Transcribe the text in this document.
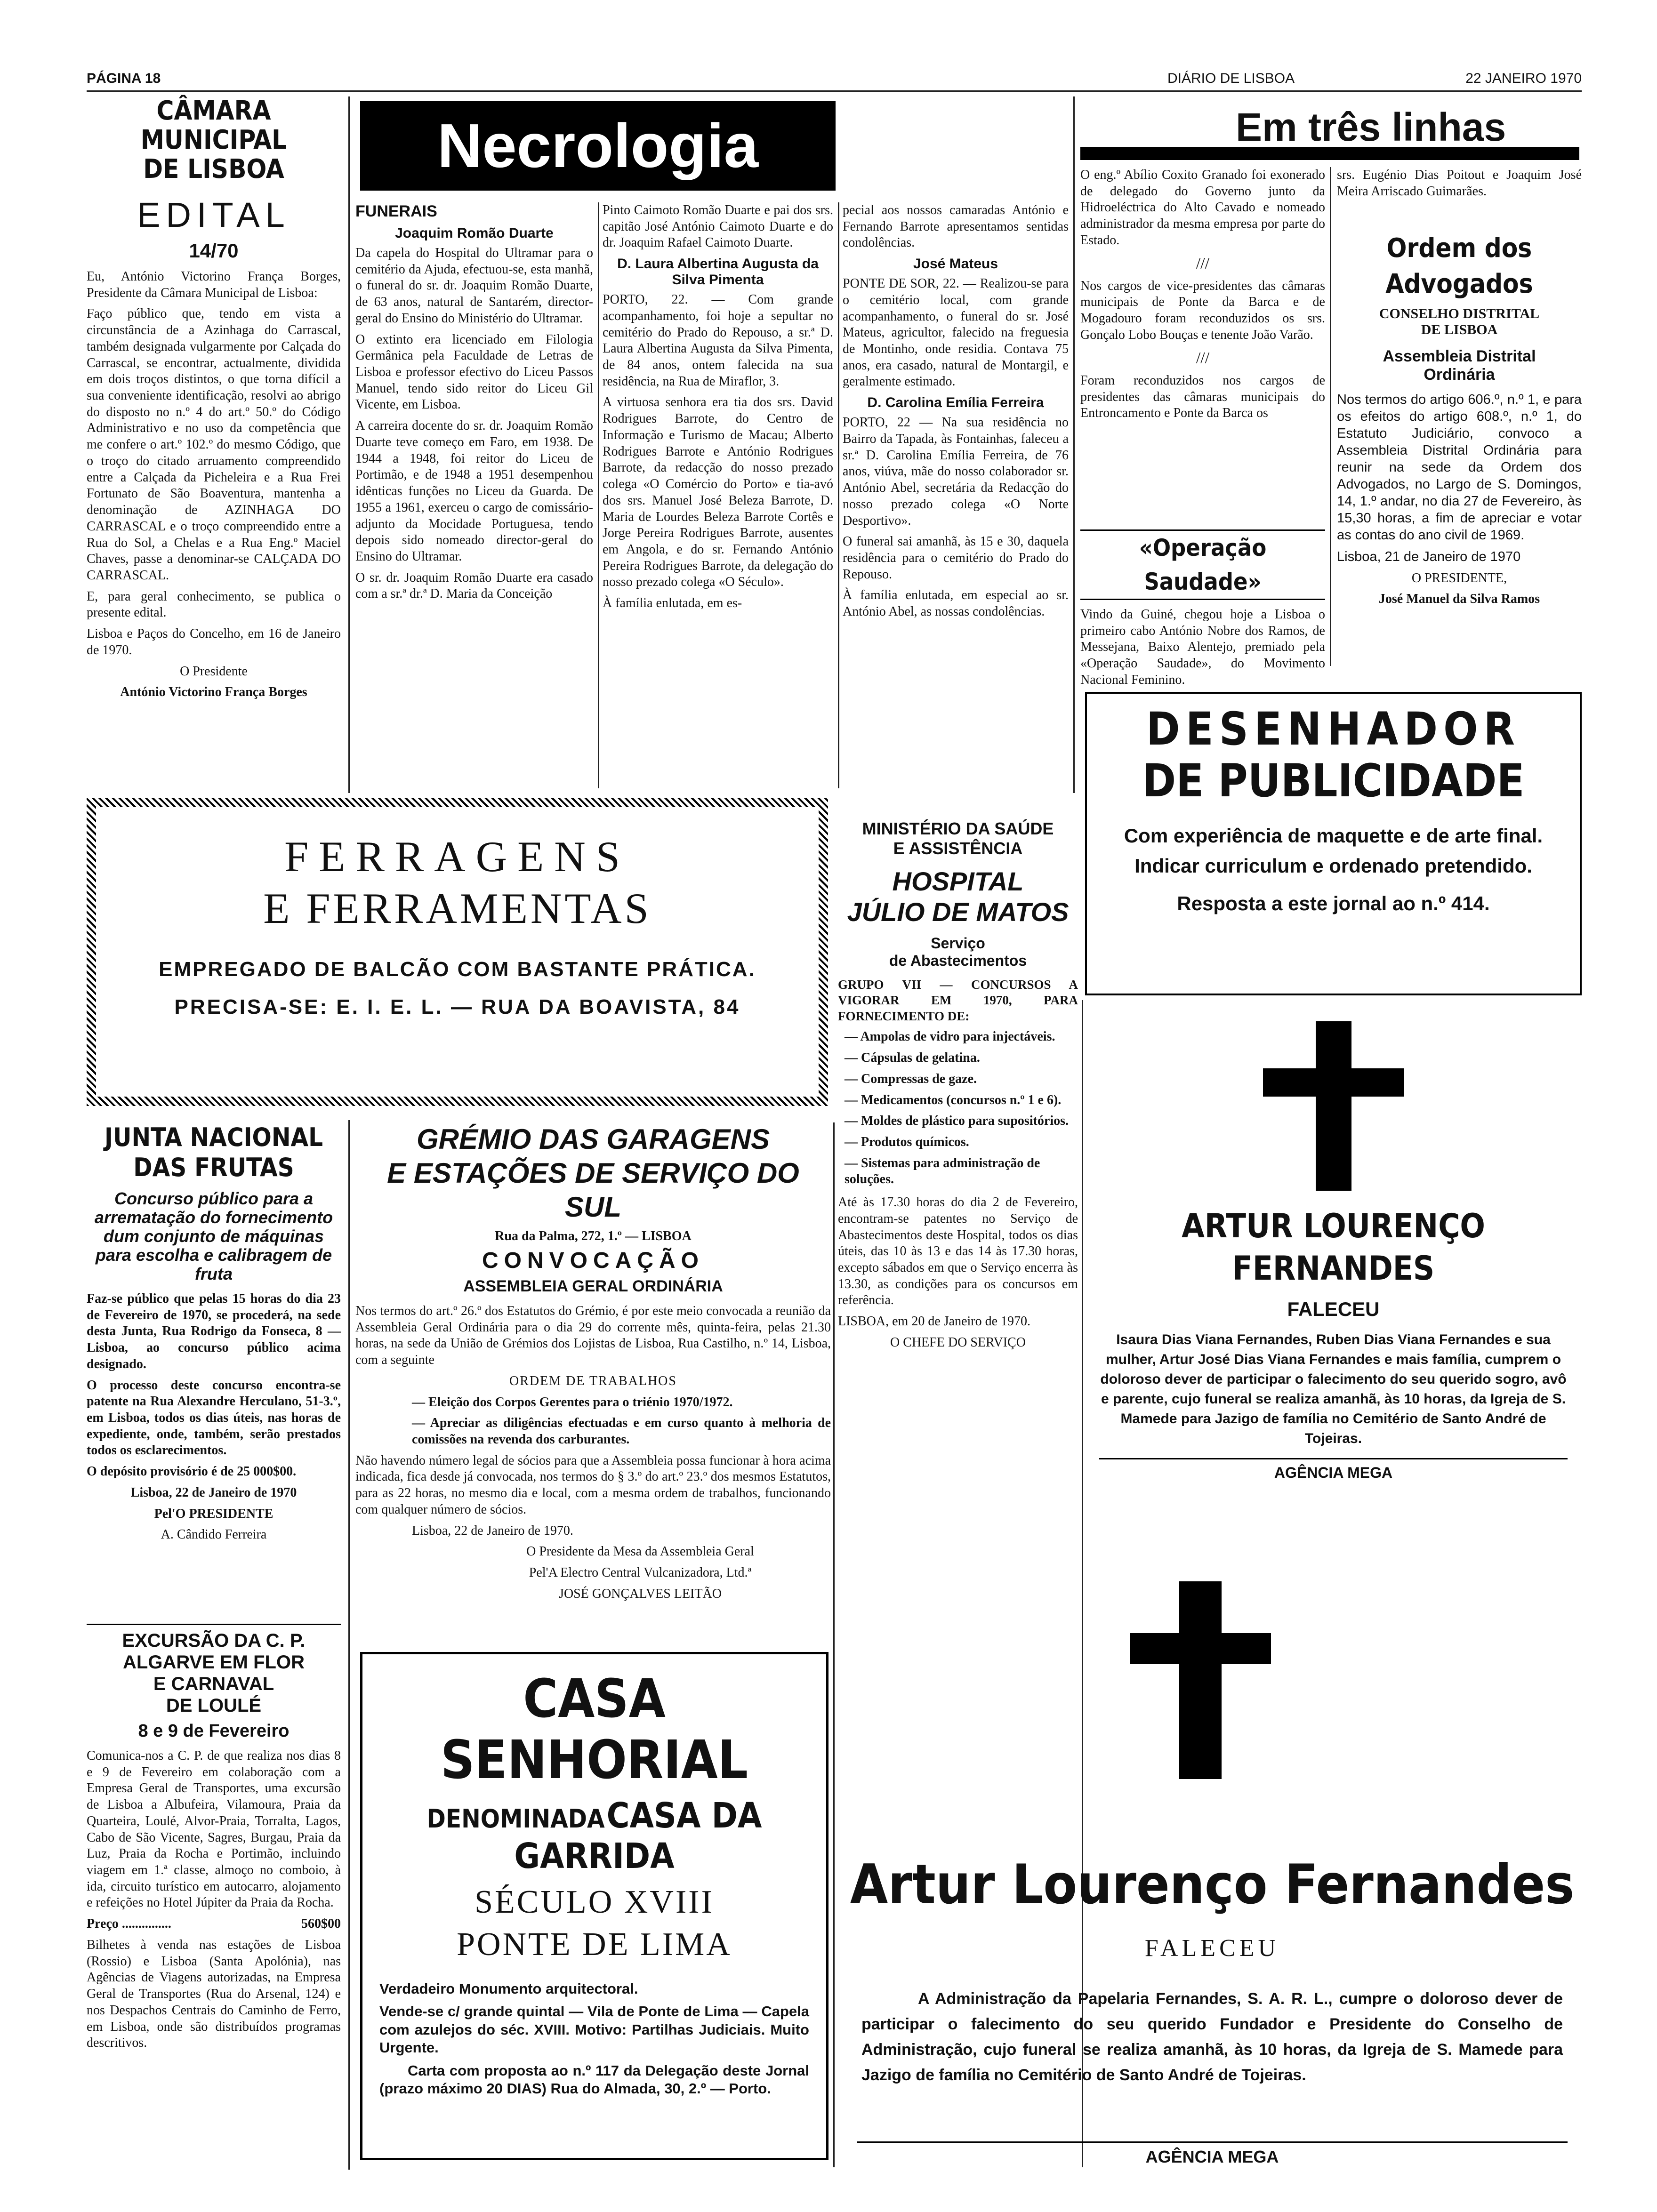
PÁGINA 18	DIÁRIO DE LISBOA	22 JANEIRO 1970
CÂMARA MUNICIPAL
DE LISBOA
EDITAL
14/70

Eu, António Victorino França Borges, Presidente da Câmara Municipal de Lisboa:

Faço público que, tendo em vista a circunstância de a Azinhaga do Carrascal, também designada vulgarmente por Calçada do Carrascal, se encontrar, actualmente, dividida em dois troços distintos, o que torna difícil a sua conveniente identificação, resolvi ao abrigo do disposto no n.º 4 do art.º 50.º do Código Administrativo e no uso da competência que me confere o art.º 102.º do mesmo Código, que o troço do citado arruamento compreendido entre a Calçada da Picheleira e a Rua Frei Fortunato de São Boaventura, mantenha a denominação de AZINHAGA DO CARRASCAL e o troço compreendido entre a Rua do Sol, a Chelas e a Rua Eng.º Maciel Chaves, passe a denominar-se CALÇADA DO CARRASCAL.

E, para geral conhecimento, se publica o presente edital.

Lisboa e Paços do Concelho, em 16 de Janeiro de 1970.

O Presidente

António Victorino França Borges

Necrologia
FUNERAIS
Joaquim Romão Duarte

Da capela do Hospital do Ultramar para o cemitério da Ajuda, efectuou-se, esta manhã, o funeral do sr. dr. Joaquim Romão Duarte, de 63 anos, natural de Santarém, director-geral do Ensino do Ministério do Ultramar.

O extinto era licenciado em Filologia Germânica pela Faculdade de Letras de Lisboa e professor efectivo do Liceu Passos Manuel, tendo sido reitor do Liceu Gil Vicente, em Lisboa.

A carreira docente do sr. dr. Joaquim Romão Duarte teve começo em Faro, em 1938. De 1944 a 1948, foi reitor do Liceu de Portimão, e de 1948 a 1951 desempenhou idênticas funções no Liceu da Guarda. De 1955 a 1961, exerceu o cargo de comissário-adjunto da Mocidade Portuguesa, tendo depois sido nomeado director-geral do Ensino do Ultramar.

O sr. dr. Joaquim Romão Duarte era casado com a sr.ª dr.ª D. Maria da Conceição

Pinto Caimoto Romão Duarte e pai dos srs. capitão José António Caimoto Duarte e do dr. Joaquim Rafael Caimoto Duarte.

D. Laura Albertina Augusta da Silva Pimenta

PORTO, 22. — Com grande acompanhamento, foi hoje a sepultar no cemitério do Prado do Repouso, a sr.ª D. Laura Albertina Augusta da Silva Pimenta, de 84 anos, ontem falecida na sua residência, na Rua de Miraflor, 3.

A virtuosa senhora era tia dos srs. David Rodrigues Barrote, do Centro de Informação e Turismo de Macau; Alberto Rodrigues Barrote e António Rodrigues Barrote, da redacção do nosso prezado colega «O Comércio do Porto» e tia-avó dos srs. Manuel José Beleza Barrote, D. Maria de Lourdes Beleza Barrote Cortês e Jorge Pereira Rodrigues Barrote, ausentes em Angola, e do sr. Fernando António Pereira Rodrigues Barrote, da delegação do nosso prezado colega «O Século».

À família enlutada, em es-

pecial aos nossos camaradas António e Fernando Barrote apresentamos sentidas condolências.

José Mateus

PONTE DE SOR, 22. — Realizou-se para o cemitério local, com grande acompanhamento, o funeral do sr. José Mateus, agricultor, falecido na freguesia de Montinho, onde residia. Contava 75 anos, era casado, natural de Montargil, e geralmente estimado.

D. Carolina Emília Ferreira

PORTO, 22 — Na sua residência no Bairro da Tapada, às Fontainhas, faleceu a sr.ª D. Carolina Emília Ferreira, de 76 anos, viúva, mãe do nosso colaborador sr. António Abel, secretária da Redacção do nosso prezado colega «O Norte Desportivo».

O funeral sai amanhã, às 15 e 30, daquela residência para o cemitério do Prado do Repouso.

À família enlutada, em especial ao sr. António Abel, as nossas condolências.

Em três linhas

O eng.º Abílio Coxito Granado foi exonerado de delegado do Governo junto da Hidroeléctrica do Alto Cavado e nomeado administrador da mesma empresa por parte do Estado.

///

Nos cargos de vice-presidentes das câmaras municipais de Ponte da Barca e de Mogadouro foram reconduzidos os srs. Gonçalo Lobo Bouças e tenente João Varão.

///

Foram reconduzidos nos cargos de presidentes das câmaras municipais do Entroncamento e Ponte da Barca os

srs. Eugénio Dias Poitout e Joaquim José Meira Arriscado Guimarães.

«Operação Saudade»

Vindo da Guiné, chegou hoje a Lisboa o primeiro cabo António Nobre dos Ramos, de Messejana, Baixo Alentejo, premiado pela «Operação Saudade», do Movimento Nacional Feminino.

Ordem dos Advogados
CONSELHO DISTRITAL
DE LISBOA
Assembleia Distrital
Ordinária

Nos termos do artigo 606.º, n.º 1, e para os efeitos do artigo 608.º, n.º 1, do Estatuto Judiciário, convoco a Assembleia Distrital Ordinária para reunir na sede da Ordem dos Advogados, no Largo de S. Domingos, 14, 1.º andar, no dia 27 de Fevereiro, às 15,30 horas, a fim de apreciar e votar as contas do ano civil de 1969.

Lisboa, 21 de Janeiro de 1970

O PRESIDENTE,

José Manuel da Silva Ramos

DESENHADOR
DE PUBLICIDADE
Com experiência de maquette e de arte final. Indicar curriculum e ordenado pretendido.
Resposta a este jornal ao n.º 414.
FERRAGENS
E FERRAMENTAS
EMPREGADO DE BALCÃO COM BASTANTE PRÁTICA.
PRECISA-SE: E. I. E. L. — RUA DA BOAVISTA, 84
MINISTÉRIO DA SAÚDE
E ASSISTÊNCIA
HOSPITAL
JÚLIO DE MATOS
Serviço
de Abastecimentos

GRUPO VII — CONCURSOS A VIGORAR EM 1970, PARA FORNECIMENTO DE:

— Ampolas de vidro para injectáveis.

— Cápsulas de gelatina.

— Compressas de gaze.

— Medicamentos (concursos n.º 1 e 6).

— Moldes de plástico para supositórios.

— Produtos químicos.

— Sistemas para administração de soluções.

Até às 17.30 horas do dia 2 de Fevereiro, encontram-se patentes no Serviço de Abastecimentos deste Hospital, todos os dias úteis, das 10 às 13 e das 14 às 17.30 horas, excepto sábados em que o Serviço encerra às 13.30, as condições para os concursos em referência.

LISBOA, em 20 de Janeiro de 1970.

O CHEFE DO SERVIÇO

ARTUR LOURENÇO FERNANDES
FALECEU
Isaura Dias Viana Fernandes, Ruben Dias Viana Fernandes e sua mulher, Artur José Dias Viana Fernandes e mais família, cumprem o doloroso dever de participar o falecimento do seu querido sogro, avô e parente, cujo funeral se realiza amanhã, às 10 horas, da Igreja de S. Mamede para Jazigo de família no Cemitério de Santo André de Tojeiras.
AGÊNCIA MEGA
JUNTA NACIONAL
DAS FRUTAS
Concurso público para a arrematação do fornecimento dum conjunto de máquinas para escolha e calibragem de fruta

Faz-se público que pelas 15 horas do dia 23 de Fevereiro de 1970, se procederá, na sede desta Junta, Rua Rodrigo da Fonseca, 8 — Lisboa, ao concurso público acima designado.

O processo deste concurso encontra-se patente na Rua Alexandre Herculano, 51-3.º, em Lisboa, todos os dias úteis, nas horas de expediente, onde, também, serão prestados todos os esclarecimentos.

O depósito provisório é de 25 000$00.

Lisboa, 22 de Janeiro de 1970

Pel'O PRESIDENTE

A. Cândido Ferreira

GRÉMIO DAS GARAGENS
E ESTAÇÕES DE SERVIÇO DO SUL
Rua da Palma, 272, 1.º — LISBOA
CONVOCAÇÃO
ASSEMBLEIA GERAL ORDINÁRIA

Nos termos do art.º 26.º dos Estatutos do Grémio, é por este meio convocada a reunião da Assembleia Geral Ordinária para o dia 29 do corrente mês, quinta-feira, pelas 21.30 horas, na sede da União de Grémios dos Lojistas de Lisboa, Rua Castilho, n.º 14, Lisboa, com a seguinte

ORDEM DE TRABALHOS

— Eleição dos Corpos Gerentes para o triénio 1970/1972.

— Apreciar as diligências efectuadas e em curso quanto à melhoria de comissões na revenda dos carburantes.

Não havendo número legal de sócios para que a Assembleia possa funcionar à hora acima indicada, fica desde já convocada, nos termos do § 3.º do art.º 23.º dos mesmos Estatutos, para as 22 horas, no mesmo dia e local, com a mesma ordem de trabalhos, funcionando com qualquer número de sócios.

Lisboa, 22 de Janeiro de 1970.

O Presidente da Mesa da Assembleia Geral

Pel'A Electro Central Vulcanizadora, Ltd.ª

JOSÉ GONÇALVES LEITÃO

EXCURSÃO DA C. P.
ALGARVE EM FLOR
E CARNAVAL
DE LOULÉ
8 e 9 de Fevereiro

Comunica-nos a C. P. de que realiza nos dias 8 e 9 de Fevereiro em colaboração com a Empresa Geral de Transportes, uma excursão de Lisboa a Albufeira, Vilamoura, Praia da Quarteira, Loulé, Alvor-Praia, Torralta, Lagos, Cabo de São Vicente, Sagres, Burgau, Praia da Luz, Praia da Rocha e Portimão, incluindo viagem em 1.ª classe, almoço no comboio, à ida, circuito turístico em autocarro, alojamento e refeições no Hotel Júpiter da Praia da Rocha.

Preço ...............	560$00

Bilhetes à venda nas estações de Lisboa (Rossio) e Lisboa (Santa Apolónia), nas Agências de Viagens autorizadas, na Empresa Geral de Transportes (Rua do Arsenal, 124) e nos Despachos Centrais do Caminho de Ferro, em Lisboa, onde são distribuídos programas descritivos.

CASA SENHORIAL
DENOMINADA CASA DA GARRIDA
SÉCULO XVIII
PONTE DE LIMA

Verdadeiro Monumento arquitectoral.

Vende-se c/ grande quintal — Vila de Ponte de Lima — Capela com azulejos do séc. XVIII. Motivo: Partilhas Judiciais. Muito Urgente.

Carta com proposta ao n.º 117 da Delegação deste Jornal (prazo máximo 20 DIAS) Rua do Almada, 30, 2.º — Porto.

Artur Lourenço Fernandes
FALECEU
A Administração da Papelaria Fernandes, S. A. R. L., cumpre o doloroso dever de participar o falecimento do seu querido Fundador e Presidente do Conselho de Administração, cujo funeral se realiza amanhã, às 10 horas, da Igreja de S. Mamede para Jazigo de família no Cemitério de Santo André de Tojeiras.
AGÊNCIA MEGA
